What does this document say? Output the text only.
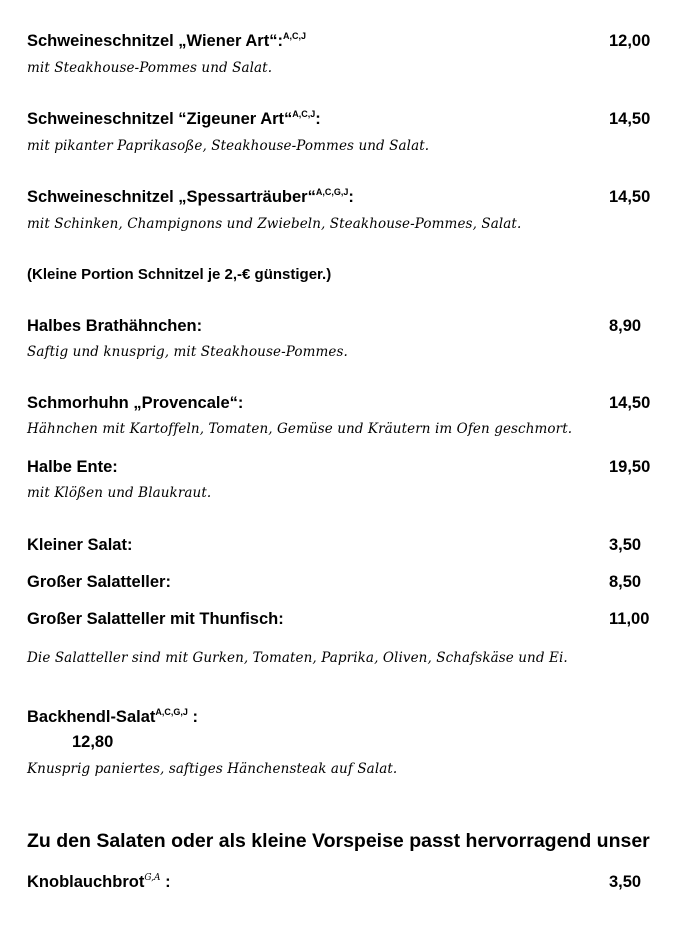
Schweineschnitzel „Wiener Art“:$^{A,C,J}$	12,00
mit Steakhouse-Pommes und Salat.
Schweineschnitzel “Zigeuner Art“$^{A,C,J}$:	14,50
mit pikanter Paprikasoße, Steakhouse-Pommes und Salat.
Schweineschnitzel „Spessarträuber“$^{A,C,G,J}$:	14,50
mit Schinken, Champignons und Zwiebeln, Steakhouse-Pommes, Salat.
(Kleine Portion Schnitzel je 2,-€ günstiger.)
Halbes Brathähnchen:	8,90
Saftig und knusprig, mit Steakhouse-Pommes.
Schmorhuhn „Provencale“:	14,50
Hähnchen mit Kartoffeln, Tomaten, Gemüse und Kräutern im Ofen geschmort.
Halbe Ente:	19,50
mit Klößen und Blaukraut.
Kleiner Salat:	3,50
Großer Salatteller:	8,50
Großer Salatteller mit Thunfisch:	11,00
Die Salatteller sind mit Gurken, Tomaten, Paprika, Oliven, Schafskäse und Ei.
Backhendl-Salat$^{A,C,G,J}$ :
12,80
Knusprig paniertes, saftiges Hänchensteak auf Salat.
Zu den Salaten oder als kleine Vorspeise passt hervorragend unser
Knoblauchbrot$^{G,A}$ :	3,50
